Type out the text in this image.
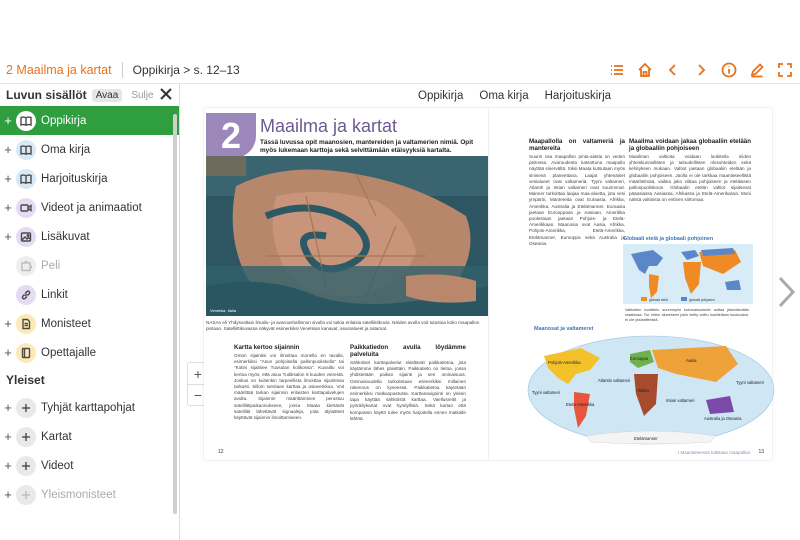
2 Maailma ja kartat Oppikirja > s. 12–13
Luvun sisällöt Avaa	Sulje
+	Oppikirja
+	Oma kirja
+	Harjoituskirja
+	Videot ja animaatiot
+	Lisäkuvat
Peli
Linkit
+	Monisteet
+	Opettajalle
Yleiset
+	Tyhjät karttapohjat
+	Kartat
+	Videot
+	Yleismonisteet
Oppikirja	Oma kirja	Harjoituskirja
+
−
2	Maailma ja kartat
Tässä luvussa opit maanosien, mantereiden ja valtamerien nimiä. Opit myös lukemaan karttoja sekä selvittämään etäisyyksiä kartalta.
Venetsia, Italia
NASAn eli Yhdysvaltain ilmailu- ja avaruushallinnon sivulla voi tutkia erilaisia satelliittikuvia. Näiden avulla voit tutustua koko maapallon pintaan. Satelliittikuvassa näkyvät esimerkiksi Venetsian kanavat, asuinalueet ja satamat.
Kartta kertoo sijainnin

Oman sijaintisi voi ilmoittaa monella eri tavalla, esimerkiksi "Asun pohjoisella pallonpuoliskolla" tai "Kotini sijaitsee Tuusulan kolikossa". Kuvailtu voi kertoa myös, että asuu Tuitiksalon 8 kuuden vierestä. Joskus on kuitenkin tarpeellista ilmoittaa sijaintinsa tarkasti. Silloin tarvitaan karttaa ja asiaverkkoa. Voit määrittää tarkan sijainnin erilaisten karttapalvelujen avulla. Sijainnin määrittäminen perustuu satelliittipaikannukseen, jossa Maata kiertävät satelliitit lähettävät signaaleja, joita älylaitteet käyttävät sijainnin ilmoittamiseen.

Paikkatiedon avulla löydämme palveluita

Sähköiset karttapalvelut sisältävät paikkatietoa, jota käytämme lähes päivittäin. Paikkatieto on tietoa, jossa yhdistetään paikan sijainti ja sen ominaisuus. Ominaisuudella tarkoitetaan esimerkiksi millainen rakennus on kyseessä. Paikkatietoa käytetään esimerkiksi matkaopastusta. Karttanavigointi on yleisin tapa käyttää sähköistä karttaa. Vaellusreitit ja pyöräilykartat ovat hyödyllisiä. Sekä kartan että kompassin käyttö tulee myös harjoitella ennen matkalle lähtöä.

12
Maapallolla on valtameriä ja mantereita

Suurin osa maapallon pinta-alasta on veden peitossa. Avaruudesta katsottuna maapallo näyttää sinervältä. Siksi Maata kutsutaan myös sinisenä planeettana. Laajat yhtenäiset vesialueet ovat valtameriä. Tyyni valtameri, Atlantti ja Intian valtameri ovat suurimmat. Manner tarkoittaa laajaa maa-aluetta, jota vesi ympäröi. Mantereita ovat Euraasia, Afrikka, Amerikka, Australia ja Etelämanner. Euraasia jaetaan Eurooppaan ja Aasiaan. Amerikka puolestaan jaetaan Pohjois- ja Etelä-Amerikkaan. Maanosia ovat Aasia, Afrikka, Pohjois-Amerikka, Etelä-Amerikka, Etelämanner, Eurooppa sekä Australia ja Oseania.

Maailma voidaan jakaa globaaliin etelään ja globaaliin pohjoiseen

Maailman valtioita voidaan luokitella niiden yhteiskunnallisten ja taloudellisten olosuhteiden sekä kehityksen mukaan. Valtiot jaetaan globaaliin etelään ja globaaliin pohjoiseen. Jaolla ei ole tarkkaa maantieteellistä määritelmää, vaikka jako viittaa pohjoiseen ja eteläiseen pallonpuoliskoon. Globaalin etelän valtiot sijaitsevat pääasiassa Aasiassa, Afrikassa ja Etelä-Amerikassa. Moni näistä valtioista on entinen siirtomaa.

Globaali etelä ja globaali pohjoinen
globaali etelä	globaali pohjoinen
Valtioiden luokittelu suurempiin kokonaisuuksiin auttaa jäsentämään maailmaa. Tai, miten alueeseen jokin kielty voittu luokitellaan kuuluvaksi, ei ole yksiselitteistä.
13
I Maantieteessä tutkitaan maapalloa
Maanosat ja valtameret
Pohjois-Amerikka
Atlantin valtameri
Eurooppa	Aasia
Tyyni valtameri
Tyyni valtameri
Afrikka
Etelä-Amerikka
Intian valtameri
Australia ja Oseania
Etelämanner
